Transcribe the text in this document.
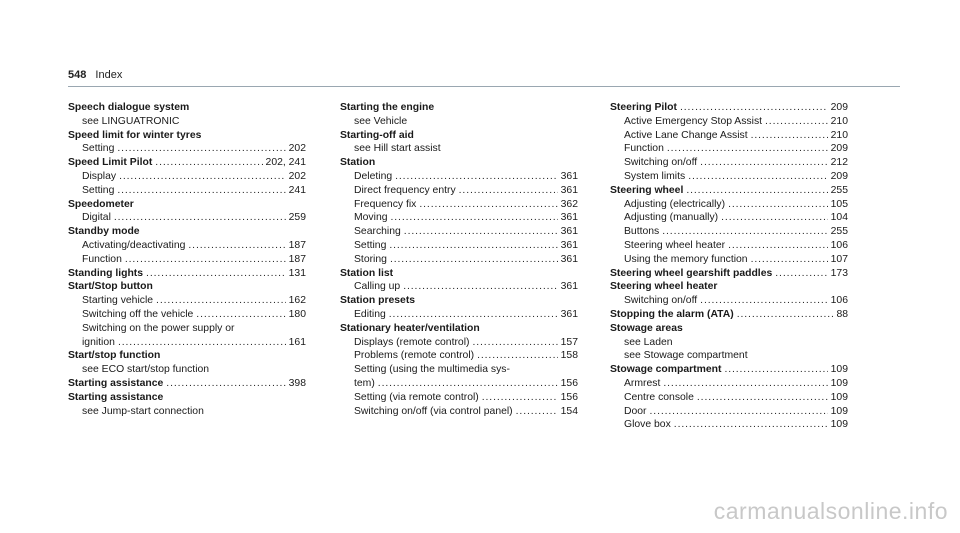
548 Index
Speech dialogue system
see LINGUATRONIC
Speed limit for winter tyres
Setting . . .	202
Speed Limit Pilot . . .	202, 241
Display . . .	202
Setting . . .	241
Speedometer
Digital . . .	259
Standby mode
Activating/deactivating . . .	187
Function . . .	187
Standing lights . . .	131
Start/Stop button
Starting vehicle . . .	162
Switching off the vehicle . . .	180
Switching on the power supply or
ignition . . .	161
Start/stop function
see ECO start/stop function
Starting assistance . . .	398
Starting assistance
see Jump-start connection
Starting the engine
see Vehicle
Starting-off aid
see Hill start assist
Station
Deleting . . .	361
Direct frequency entry . . .	361
Frequency fix . . .	362
Moving . . .	361
Searching . . .	361
Setting . . .	361
Storing . . .	361
Station list
Calling up . . .	361
Station presets
Editing . . .	361
Stationary heater/ventilation
Displays (remote control) . . .	157
Problems (remote control) . . .	158
Setting (using the multimedia sys-
tem) . . .	156
Setting (via remote control) . . .	156
Switching on/off (via control panel) . . .	154
Steering Pilot . . .	209
Active Emergency Stop Assist . . .	210
Active Lane Change Assist . . .	210
Function . . .	209
Switching on/off . . .	212
System limits . . .	209
Steering wheel . . .	255
Adjusting (electrically) . . .	105
Adjusting (manually) . . .	104
Buttons . . .	255
Steering wheel heater . . .	106
Using the memory function . . .	107
Steering wheel gearshift paddles . . .	173
Steering wheel heater
Switching on/off . . .	106
Stopping the alarm (ATA) . . .	88
Stowage areas
see Laden
see Stowage compartment
Stowage compartment . . .	109
Armrest . . .	109
Centre console . . .	109
Door . . .	109
Glove box . . .	109
carmanualsonline.info
